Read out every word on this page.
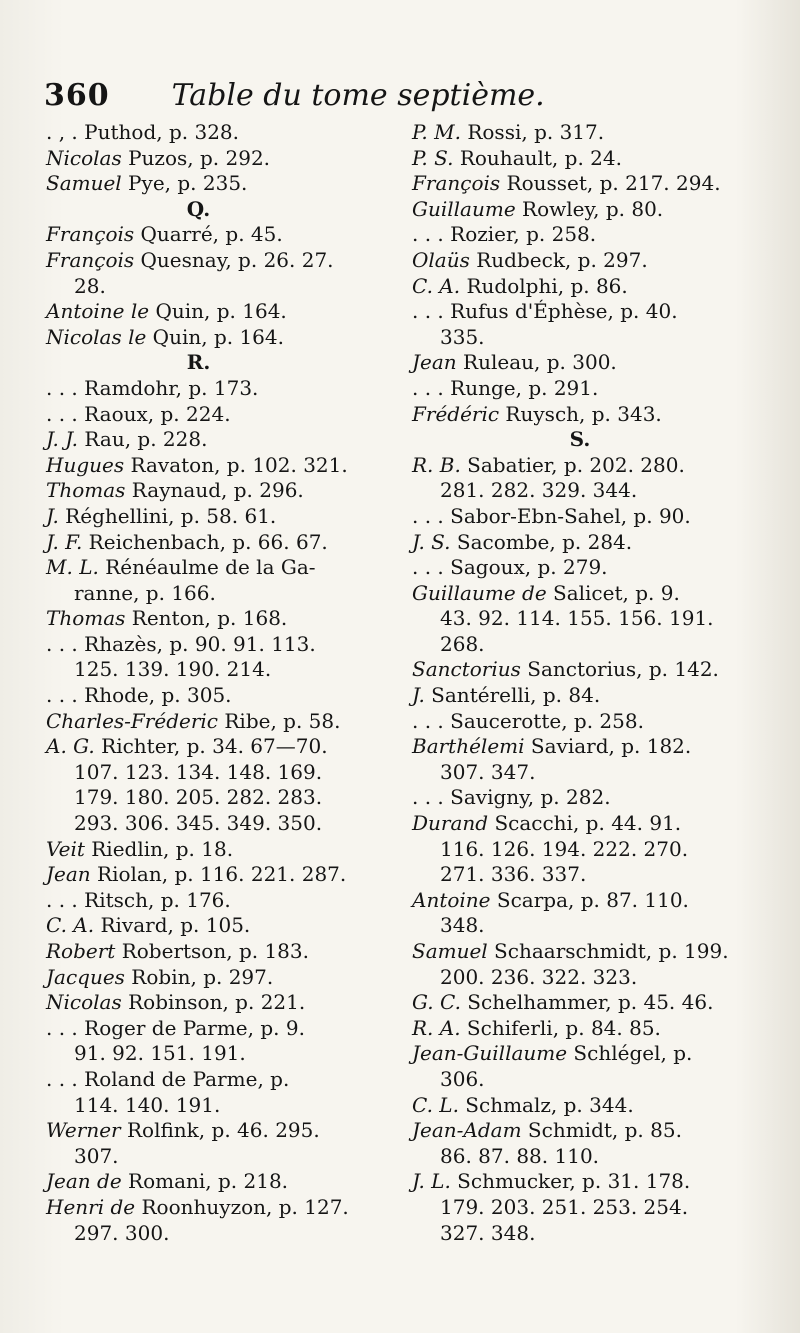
360 Table du tome septième.
. , . Puthod, p. 328.
Nicolas Puzos, p. 292.
Samuel Pye, p. 235.
Q.
François Quarré, p. 45.
François Quesnay, p. 26. 27.
28.
Antoine le Quin, p. 164.
Nicolas le Quin, p. 164.
R.
. . . Ramdohr, p. 173.
. . . Raoux, p. 224.
J. J. Rau, p. 228.
Hugues Ravaton, p. 102. 321.
Thomas Raynaud, p. 296.
J. Réghellini, p. 58. 61.
J. F. Reichenbach, p. 66. 67.
M. L. Rénéaulme de la Ga-
ranne, p. 166.
Thomas Renton, p. 168.
. . . Rhazès, p. 90. 91. 113.
125. 139. 190. 214.
. . . Rhode, p. 305.
Charles-Fréderic Ribe, p. 58.
A. G. Richter, p. 34. 67—70.
107. 123. 134. 148. 169.
179. 180. 205. 282. 283.
293. 306. 345. 349. 350.
Veit Riedlin, p. 18.
Jean Riolan, p. 116. 221. 287.
. . . Ritsch, p. 176.
C. A. Rivard, p. 105.
Robert Robertson, p. 183.
Jacques Robin, p. 297.
Nicolas Robinson, p. 221.
. . . Roger de Parme, p. 9.
91. 92. 151. 191.
. . . Roland de Parme, p.
114. 140. 191.
Werner Rolfink, p. 46. 295.
307.
Jean de Romani, p. 218.
Henri de Roonhuyzon, p. 127.
297. 300.
P. M. Rossi, p. 317.
P. S. Rouhault, p. 24.
François Rousset, p. 217. 294.
Guillaume Rowley, p. 80.
. . . Rozier, p. 258.
Olaüs Rudbeck, p. 297.
C. A. Rudolphi, p. 86.
. . . Rufus d'Éphèse, p. 40.
335.
Jean Ruleau, p. 300.
. . . Runge, p. 291.
Frédéric Ruysch, p. 343.
S.
R. B. Sabatier, p. 202. 280.
281. 282. 329. 344.
. . . Sabor-Ebn-Sahel, p. 90.
J. S. Sacombe, p. 284.
. . . Sagoux, p. 279.
Guillaume de Salicet, p. 9.
43. 92. 114. 155. 156. 191.
268.
Sanctorius Sanctorius, p. 142.
J. Santérelli, p. 84.
. . . Saucerotte, p. 258.
Barthélemi Saviard, p. 182.
307. 347.
. . . Savigny, p. 282.
Durand Scacchi, p. 44. 91.
116. 126. 194. 222. 270.
271. 336. 337.
Antoine Scarpa, p. 87. 110.
348.
Samuel Schaarschmidt, p. 199.
200. 236. 322. 323.
G. C. Schelhammer, p. 45. 46.
R. A. Schiferli, p. 84. 85.
Jean-Guillaume Schlégel, p.
306.
C. L. Schmalz, p. 344.
Jean-Adam Schmidt, p. 85.
86. 87. 88. 110.
J. L. Schmucker, p. 31. 178.
179. 203. 251. 253. 254.
327. 348.
